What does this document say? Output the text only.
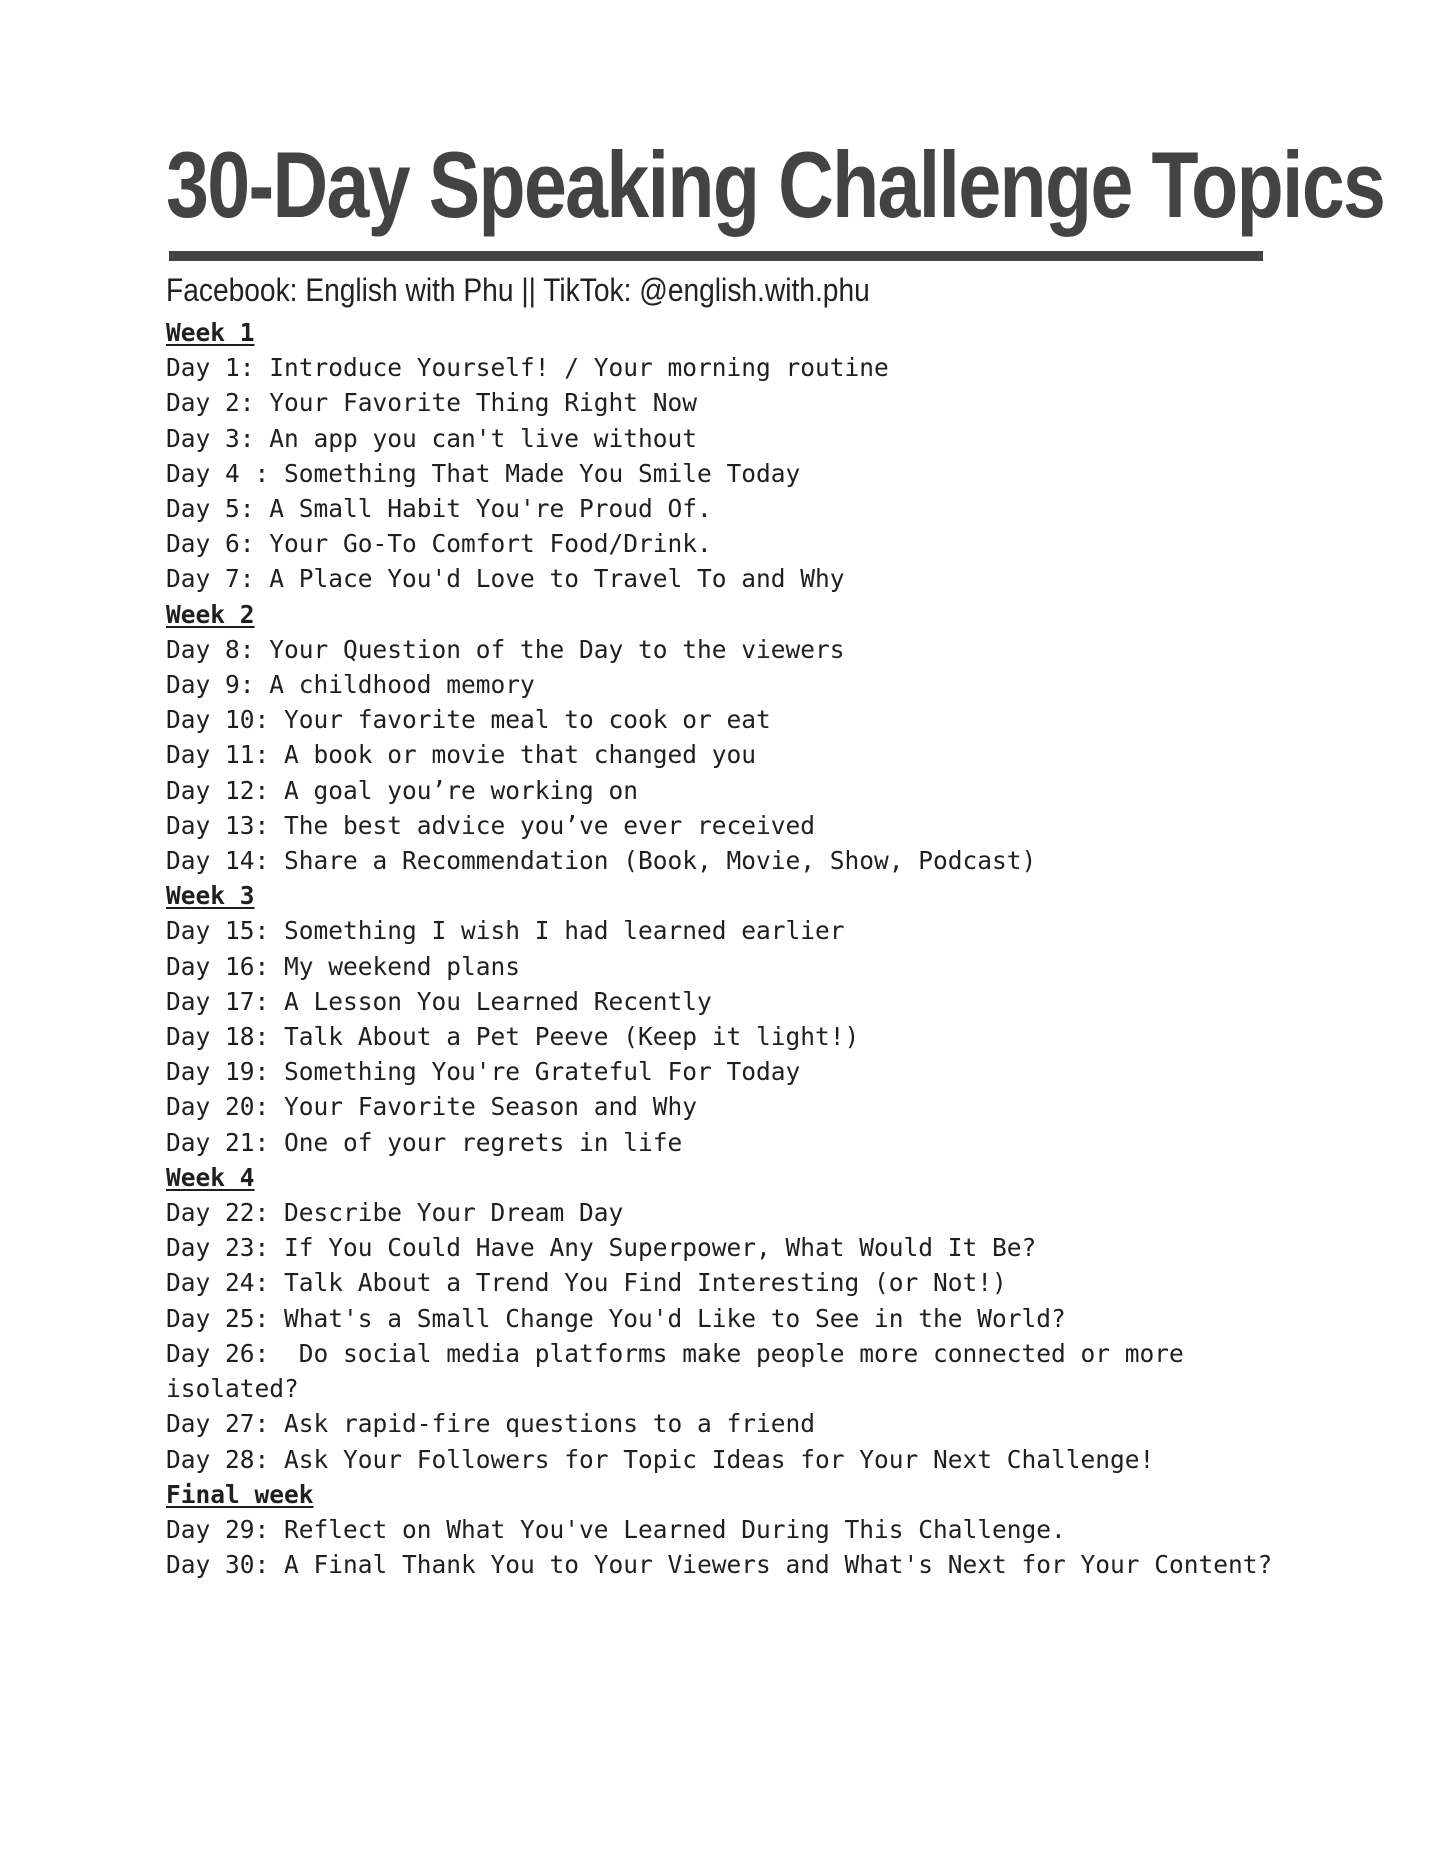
30-Day Speaking Challenge Topics

Facebook: English with Phu || TikTok: @english.with.phu

Week 1
Day 1: Introduce Yourself! / Your morning routine
Day 2: Your Favorite Thing Right Now
Day 3: An app you can't live without
Day 4 : Something That Made You Smile Today
Day 5: A Small Habit You're Proud Of.
Day 6: Your Go-To Comfort Food/Drink.
Day 7: A Place You'd Love to Travel To and Why
Week 2
Day 8: Your Question of the Day to the viewers
Day 9: A childhood memory
Day 10: Your favorite meal to cook or eat
Day 11: A book or movie that changed you
Day 12: A goal you’re working on
Day 13: The best advice you’ve ever received
Day 14: Share a Recommendation (Book, Movie, Show, Podcast)
Week 3
Day 15: Something I wish I had learned earlier
Day 16: My weekend plans
Day 17: A Lesson You Learned Recently
Day 18: Talk About a Pet Peeve (Keep it light!)
Day 19: Something You're Grateful For Today
Day 20: Your Favorite Season and Why
Day 21: One of your regrets in life
Week 4
Day 22: Describe Your Dream Day
Day 23: If You Could Have Any Superpower, What Would It Be?
Day 24: Talk About a Trend You Find Interesting (or Not!)
Day 25: What's a Small Change You'd Like to See in the World?
Day 26:  Do social media platforms make people more connected or more isolated?
Day 27: Ask rapid-fire questions to a friend
Day 28: Ask Your Followers for Topic Ideas for Your Next Challenge!
Final week
Day 29: Reflect on What You've Learned During This Challenge.
Day 30: A Final Thank You to Your Viewers and What's Next for Your Content?
